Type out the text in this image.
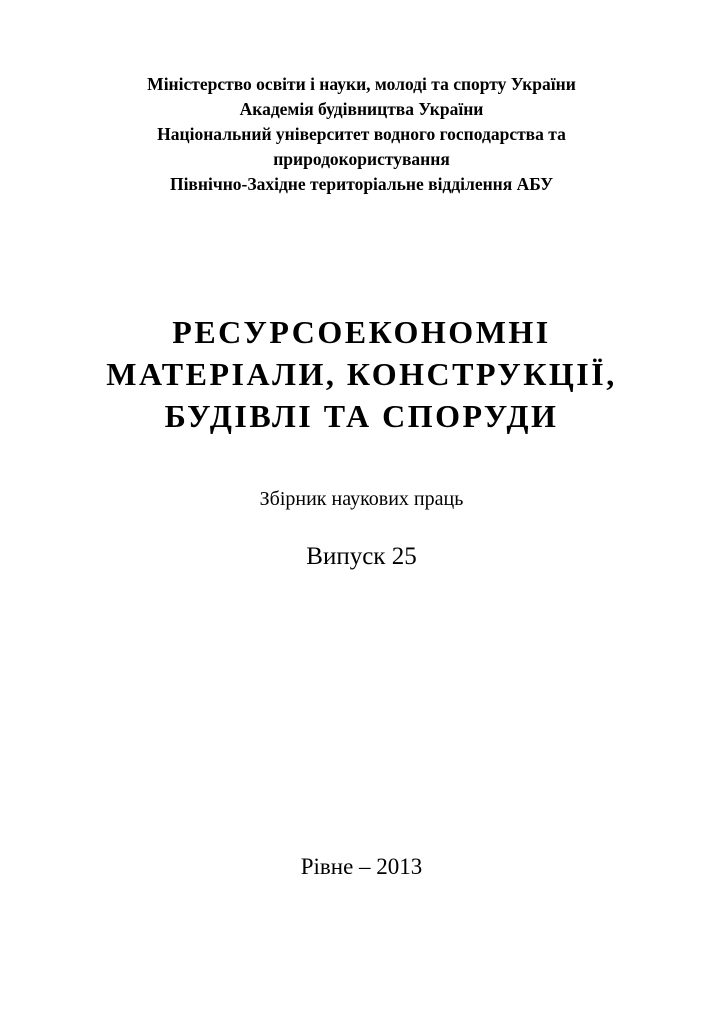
Міністерство освіти і науки, молоді та спорту України
Академія будівництва України
Національний університет водного господарства та
природокористування
Північно-Західне територіальне відділення АБУ
РЕСУРСОЕКОНОМНІ
МАТЕРІАЛИ, КОНСТРУКЦІЇ,
БУДІВЛІ ТА СПОРУДИ
Збірник наукових праць
Випуск 25
Рівне – 2013
